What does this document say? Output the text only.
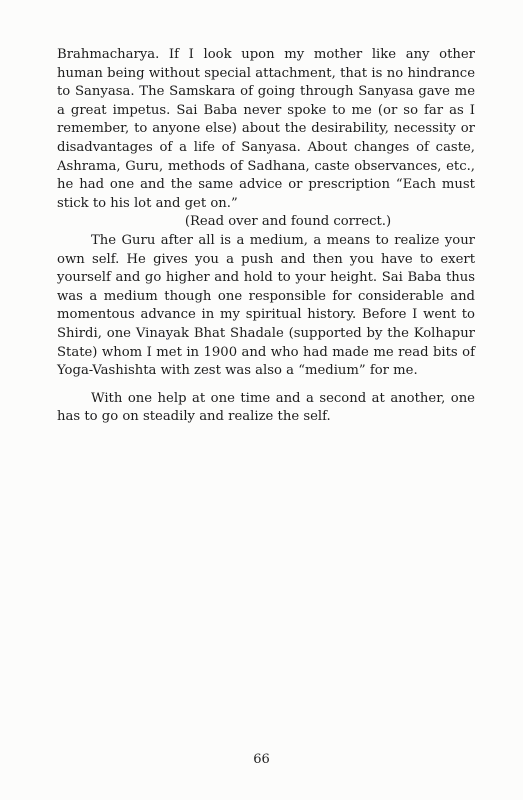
Brahmacharya. If I look upon my mother like any other human being without special attachment, that is no hindrance to Sanyasa. The Samskara of going through Sanyasa gave me a great impetus. Sai Baba never spoke to me (or so far as I remember, to anyone else) about the desirability, necessity or disadvantages of a life of Sanyasa. About changes of caste, Ashrama, Guru, methods of Sadhana, caste observances, etc., he had one and the same advice or prescription “Each must stick to his lot and get on.”

(Read over and found correct.)

The Guru after all is a medium, a means to realize your own self. He gives you a push and then you have to exert yourself and go higher and hold to your height. Sai Baba thus was a medium though one responsible for considerable and momentous advance in my spiritual history. Before I went to Shirdi, one Vinayak Bhat Shadale (supported by the Kolhapur State) whom I met in 1900 and who had made me read bits of Yoga-Vashishta with zest was also a “medium” for me.

With one help at one time and a second at another, one has to go on steadily and realize the self.

66
